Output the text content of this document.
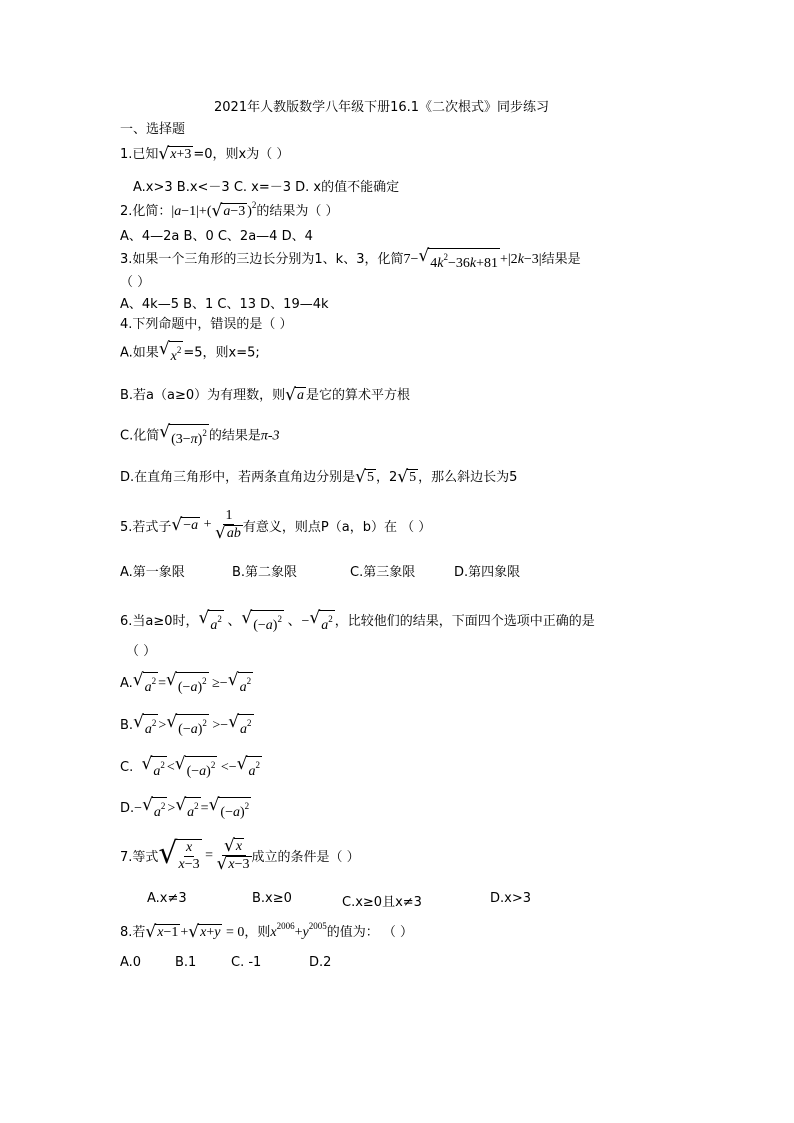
2021年人教版数学八年级下册16.1《二次根式》同步练习
一、选择题
1.已知 √ x+3 =0，则x为（ ）
A.x>3 B.x<－3 C. x=－3 D. x的值不能确定
2.化简：|a−1|+( √ a−3 )$^2$的结果为（ ）
A、4—2a B、0 C、2a—4 D、4
3.如果一个三角形的三边长分别为1、k、3，化简7− √ $4k^2-36k+81 +|2k-3|$结果是
（ ）
A、4k—5 B、1 C、13 D、19—4k
4.下列命题中，错误的是（ ）
A.如果 √ $x^2 =5$，则x=5;
B.若a（a≥0）为有理数，则 √ a 是它的算术平方根
C.化简 √ $(3-\pi)^2$ 的结果是π-3
D.在直角三角形中，若两条直角边分别是 √ 5 ，2 √ 5 ，那么斜边长为5
5.若式子 √ $-a + \frac{1}{√ ab}$ 有意义，则点P（a，b）在 （ ）
A.第一象限	B.第二象限	C.第三象限	D.第四象限
6.当a≥0时， √ $a^2$ 、 √ $(-a)^2$ 、− √ $a^2$ ，比较他们的结果，下面四个选项中正确的是
（ ）
A. √ $a^2$ = √ $(-a)^2$ ≥− √ $a^2$
B. √ $a^2$ > √ $(-a)^2$ >− √ $a^2$
C. √ $a^2$ < √ $(-a)^2$ <− √ $a^2$
D.− √ $a^2$ > √ $a^2$ = √ $(-a)^2$
7.等式 √ $\frac{x}{x-3} = \frac{√ x}{√ x-3}$ 成立的条件是（ ）
A.x≠3	B.x≥0	C.x≥0且x≠3	D.x>3
8.若 √ x−1 + √ x+y = 0，则$x^{2006}+y^{2005}$的值为： （ ）
A.0	B.1	C. -1	D.2
